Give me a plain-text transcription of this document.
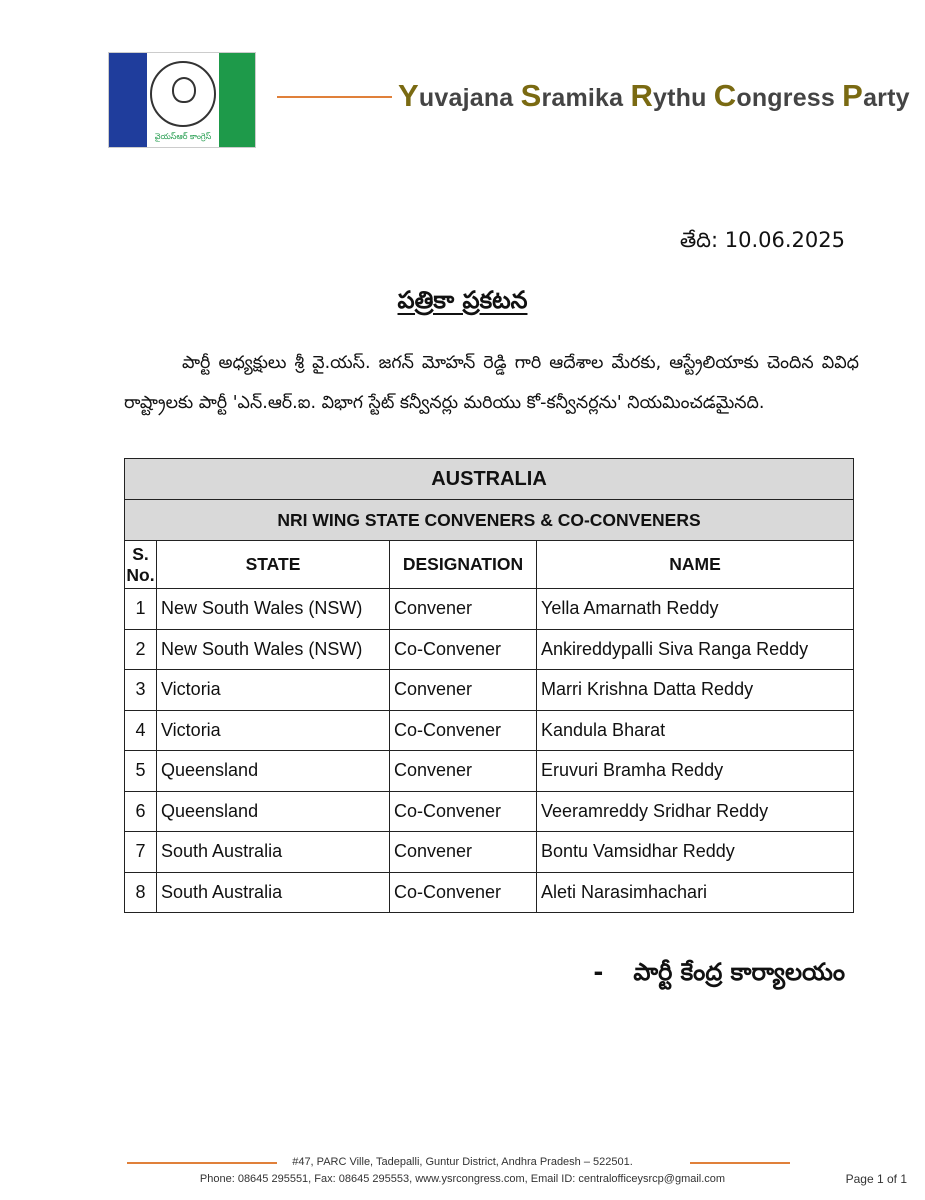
వైయస్ఆర్ కాంగ్రెస్
Yuvajana Sramika Rythu Congress Party
తేది: 10.06.2025
పత్రికా ప్రకటన
పార్టీ అధ్యక్షులు శ్రీ వై.యస్. జగన్ మోహన్ రెడ్డి గారి ఆదేశాల మేరకు, ఆస్ట్రేలియాకు చెందిన వివిధ రాష్ట్రాలకు పార్టీ 'ఎన్.ఆర్.ఐ. విభాగ స్టేట్ కన్వీనర్లు మరియు కో-కన్వీనర్లను' నియమించడమైనది.
AUSTRALIA			
NRI WING STATE CONVENERS & CO-CONVENERS			
S. No.	STATE	DESIGNATION	NAME
1	New South Wales (NSW)	Convener	Yella Amarnath Reddy
2	New South Wales (NSW)	Co-Convener	Ankireddypalli Siva Ranga Reddy
3	Victoria	Convener	Marri Krishna Datta Reddy
4	Victoria	Co-Convener	Kandula Bharat
5	Queensland	Convener	Eruvuri Bramha Reddy
6	Queensland	Co-Convener	Veeramreddy Sridhar Reddy
7	South Australia	Convener	Bontu Vamsidhar Reddy
8	South Australia	Co-Convener	Aleti Narasimhachari
- పార్టీ కేంద్ర కార్యాలయం
#47, PARC Ville, Tadepalli, Guntur District, Andhra Pradesh – 522501.
Phone: 08645 295551, Fax: 08645 295553, www.ysrcongress.com, Email ID: centralofficeysrcp@gmail.com	Page 1 of 1
